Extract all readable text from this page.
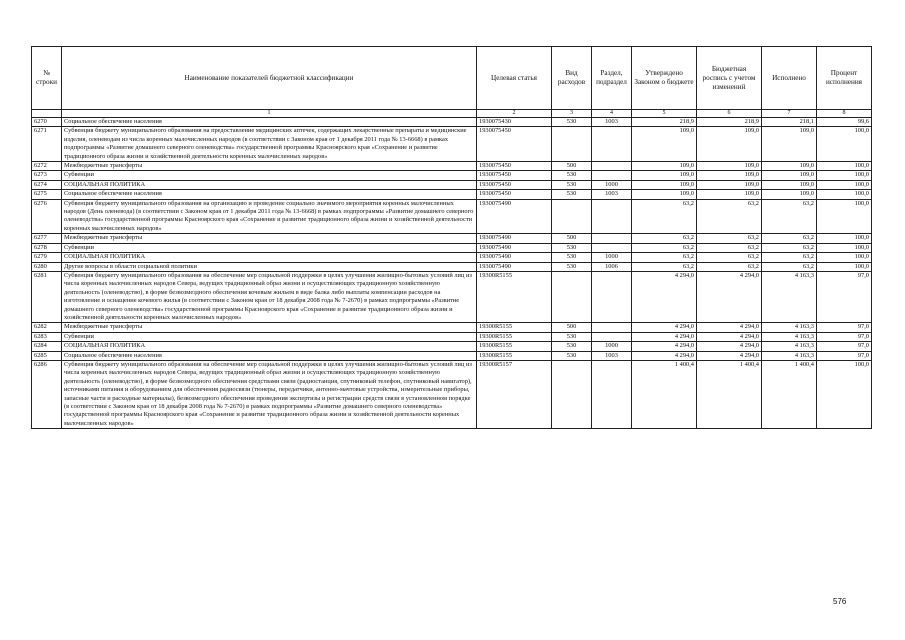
№ строки	Наименование показателей бюджетной классификации	Целевая статья	Вид расходов	Раздел, подраздел	Утверждено Законом о бюджете	Бюджетная роспись с учетом изменений	Исполнено	Процент исполнения
	1	2	3	4	5	6	7	8
6270	Социальное обеспечение населения	1930075430	530	1003	218,9	218,9	218,1	99,6
6271	Субвенция бюджету муниципального образования на предоставление медицинских аптечек, содержащих лекарственные препараты и медицинские изделия, оленеводам из числа коренных малочисленных народов (в соответствии с Законом края от 1 декабря 2011 года № 13-6668) в рамках подпрограммы «Развитие домашнего северного оленеводства» государственной программы Красноярского края «Сохранение и развитие традиционного образа жизни и хозяйственной деятельности коренных малочисленных народов»	1930075450			109,0	109,0	109,0	100,0
6272	Межбюджетные трансферты	1930075450	500		109,0	109,0	109,0	100,0
6273	Субвенции	1930075450	530		109,0	109,0	109,0	100,0
6274	СОЦИАЛЬНАЯ ПОЛИТИКА	1930075450	530	1000	109,0	109,0	109,0	100,0
6275	Социальное обеспечение населения	1930075450	530	1003	109,0	109,0	109,0	100,0
6276	Субвенция бюджету муниципального образования на организацию и проведение социально значимого мероприятия коренных малочисленных народов (День оленевода) (в соответствии с Законом края от 1 декабря 2011 года № 13-6668) в рамках подпрограммы «Развитие домашнего северного оленеводства» государственной программы Красноярского края «Сохранение и развитие традиционного образа жизни и хозяйственной деятельности коренных малочисленных народов»	1930075490			63,2	63,2	63,2	100,0
6277	Межбюджетные трансферты	1930075490	500		63,2	63,2	63,2	100,0
6278	Субвенции	1930075490	530		63,2	63,2	63,2	100,0
6279	СОЦИАЛЬНАЯ ПОЛИТИКА	1930075490	530	1000	63,2	63,2	63,2	100,0
6280	Другие вопросы в области социальной политики	1930075490	530	1006	63,2	63,2	63,2	100,0
6281	Субвенция бюджету муниципального образования на обеспечение мер социальной поддержки в целях улучшения жилищно-бытовых условий лиц из числа коренных малочисленных народов Севера, ведущих традиционный образ жизни и осуществляющих традиционную хозяйственную деятельность (оленеводство), в форме безвозмездного обеспечения кочевым жильем в виде балка либо выплаты компенсации расходов на изготовление и оснащение кочевого жилья (в соответствии с Законом края от 18 декабря 2008 года № 7-2670) в рамках подпрограммы «Развитие домашнего северного оленеводства» государственной программы Красноярского края «Сохранение и развитие традиционного образа жизни и хозяйственной деятельности коренных малочисленных народов»	19300R5155			4 294,0	4 294,0	4 163,3	97,0
6282	Межбюджетные трансферты	19300R5155	500		4 294,0	4 294,0	4 163,3	97,0
6283	Субвенции	19300R5155	530		4 294,0	4 294,0	4 163,3	97,0
6284	СОЦИАЛЬНАЯ ПОЛИТИКА	19300R5155	530	1000	4 294,0	4 294,0	4 163,3	97,0
6285	Социальное обеспечение населения	19300R5155	530	1003	4 294,0	4 294,0	4 163,3	97,0
6286	Субвенция бюджету муниципального образования на обеспечение мер социальной поддержки в целях улучшения жилищно-бытовых условий лиц из числа коренных малочисленных народов Севера, ведущих традиционный образ жизни и осуществляющих традиционную хозяйственную деятельность (оленеводство), в форме безвозмездного обеспечения средствами связи (радиостанция, спутниковый телефон, спутниковый навигатор), источниками питания и оборудованием для обеспечения радиосвязи (тюнеры, передатчики, антенно-мачтовые устройства, измерительные приборы, запасные части и расходные материалы), безвозмездного обеспечения проведения экспертизы и регистрации средств связи в установленном порядке (в соответствии с Законом края от 18 декабря 2008 года № 7-2670) в рамках подпрограммы «Развитие домашнего северного оленеводства» государственной программы Красноярского края «Сохранение и развитие традиционного образа жизни и хозяйственной деятельности коренных малочисленных народов»	19300R5157			1 400,4	1 400,4	1 400,4	100,0
576
